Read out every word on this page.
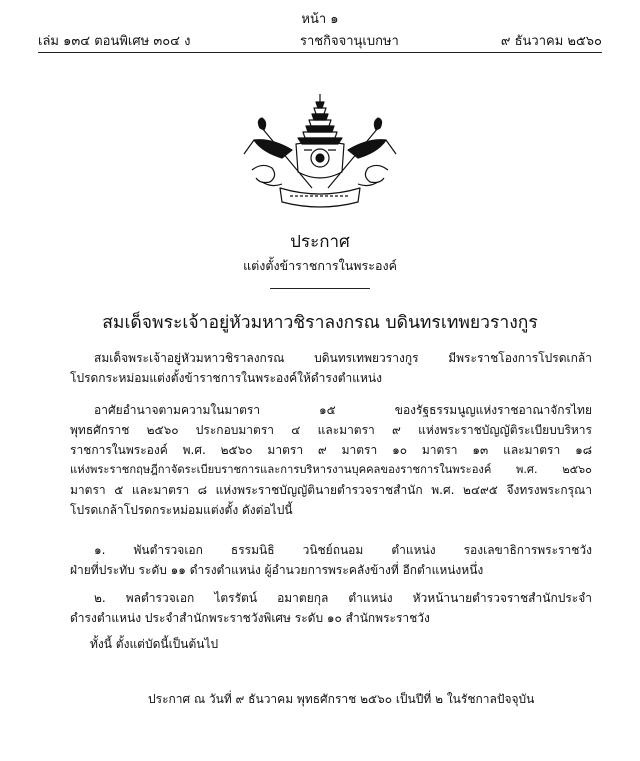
หน้า ๑
เล่ม ๑๓๔ ตอนพิเศษ ๓๐๔ ง	ราชกิจจานุเบกษา	๙ ธันวาคม ๒๕๖๐
ประกาศ
แต่งตั้งข้าราชการในพระองค์
สมเด็จพระเจ้าอยู่หัวมหาวชิราลงกรณ บดินทรเทพยวรางกูร
สมเด็จพระเจ้าอยู่หัวมหาวชิราลงกรณ บดินทรเทพยวรางกูร มีพระราชโองการโปรดเกล้า
โปรดกระหม่อมแต่งตั้งข้าราชการในพระองค์ให้ดำรงตำแหน่ง
อาศัยอำนาจตามความในมาตรา ๑๕ ของรัฐธรรมนูญแห่งราชอาณาจักรไทย
พุทธศักราช ๒๕๖๐ ประกอบมาตรา ๔ และมาตรา ๙ แห่งพระราชบัญญัติระเบียบบริหาร
ราชการในพระองค์ พ.ศ. ๒๕๖๐ มาตรา ๙ มาตรา ๑๐ มาตรา ๑๓ และมาตรา ๑๘
แห่งพระราชกฤษฎีกาจัดระเบียบราชการและการบริหารงานบุคคลของราชการในพระองค์ พ.ศ. ๒๕๖๐
มาตรา ๕ และมาตรา ๘ แห่งพระราชบัญญัตินายตำรวจราชสำนัก พ.ศ. ๒๔๙๕ จึงทรงพระกรุณา
โปรดเกล้าโปรดกระหม่อมแต่งตั้ง ดังต่อไปนี้
๑. พันตำรวจเอก ธรรมนิธิ วนิชย์ถนอม ตำแหน่ง รองเลขาธิการพระราชวัง
ฝ่ายที่ประทับ ระดับ ๑๑ ดำรงตำแหน่ง ผู้อำนวยการพระคลังข้างที่ อีกตำแหน่งหนึ่ง
๒. พลตำรวจเอก ไตรรัตน์ อมาตยกุล ตำแหน่ง หัวหน้านายตำรวจราชสำนักประจำ
ดำรงตำแหน่ง ประจำสำนักพระราชวังพิเศษ ระดับ ๑๐ สำนักพระราชวัง
ทั้งนี้ ตั้งแต่บัดนี้เป็นต้นไป
ประกาศ ณ วันที่ ๙ ธันวาคม พุทธศักราช ๒๕๖๐ เป็นปีที่ ๒ ในรัชกาลปัจจุบัน
